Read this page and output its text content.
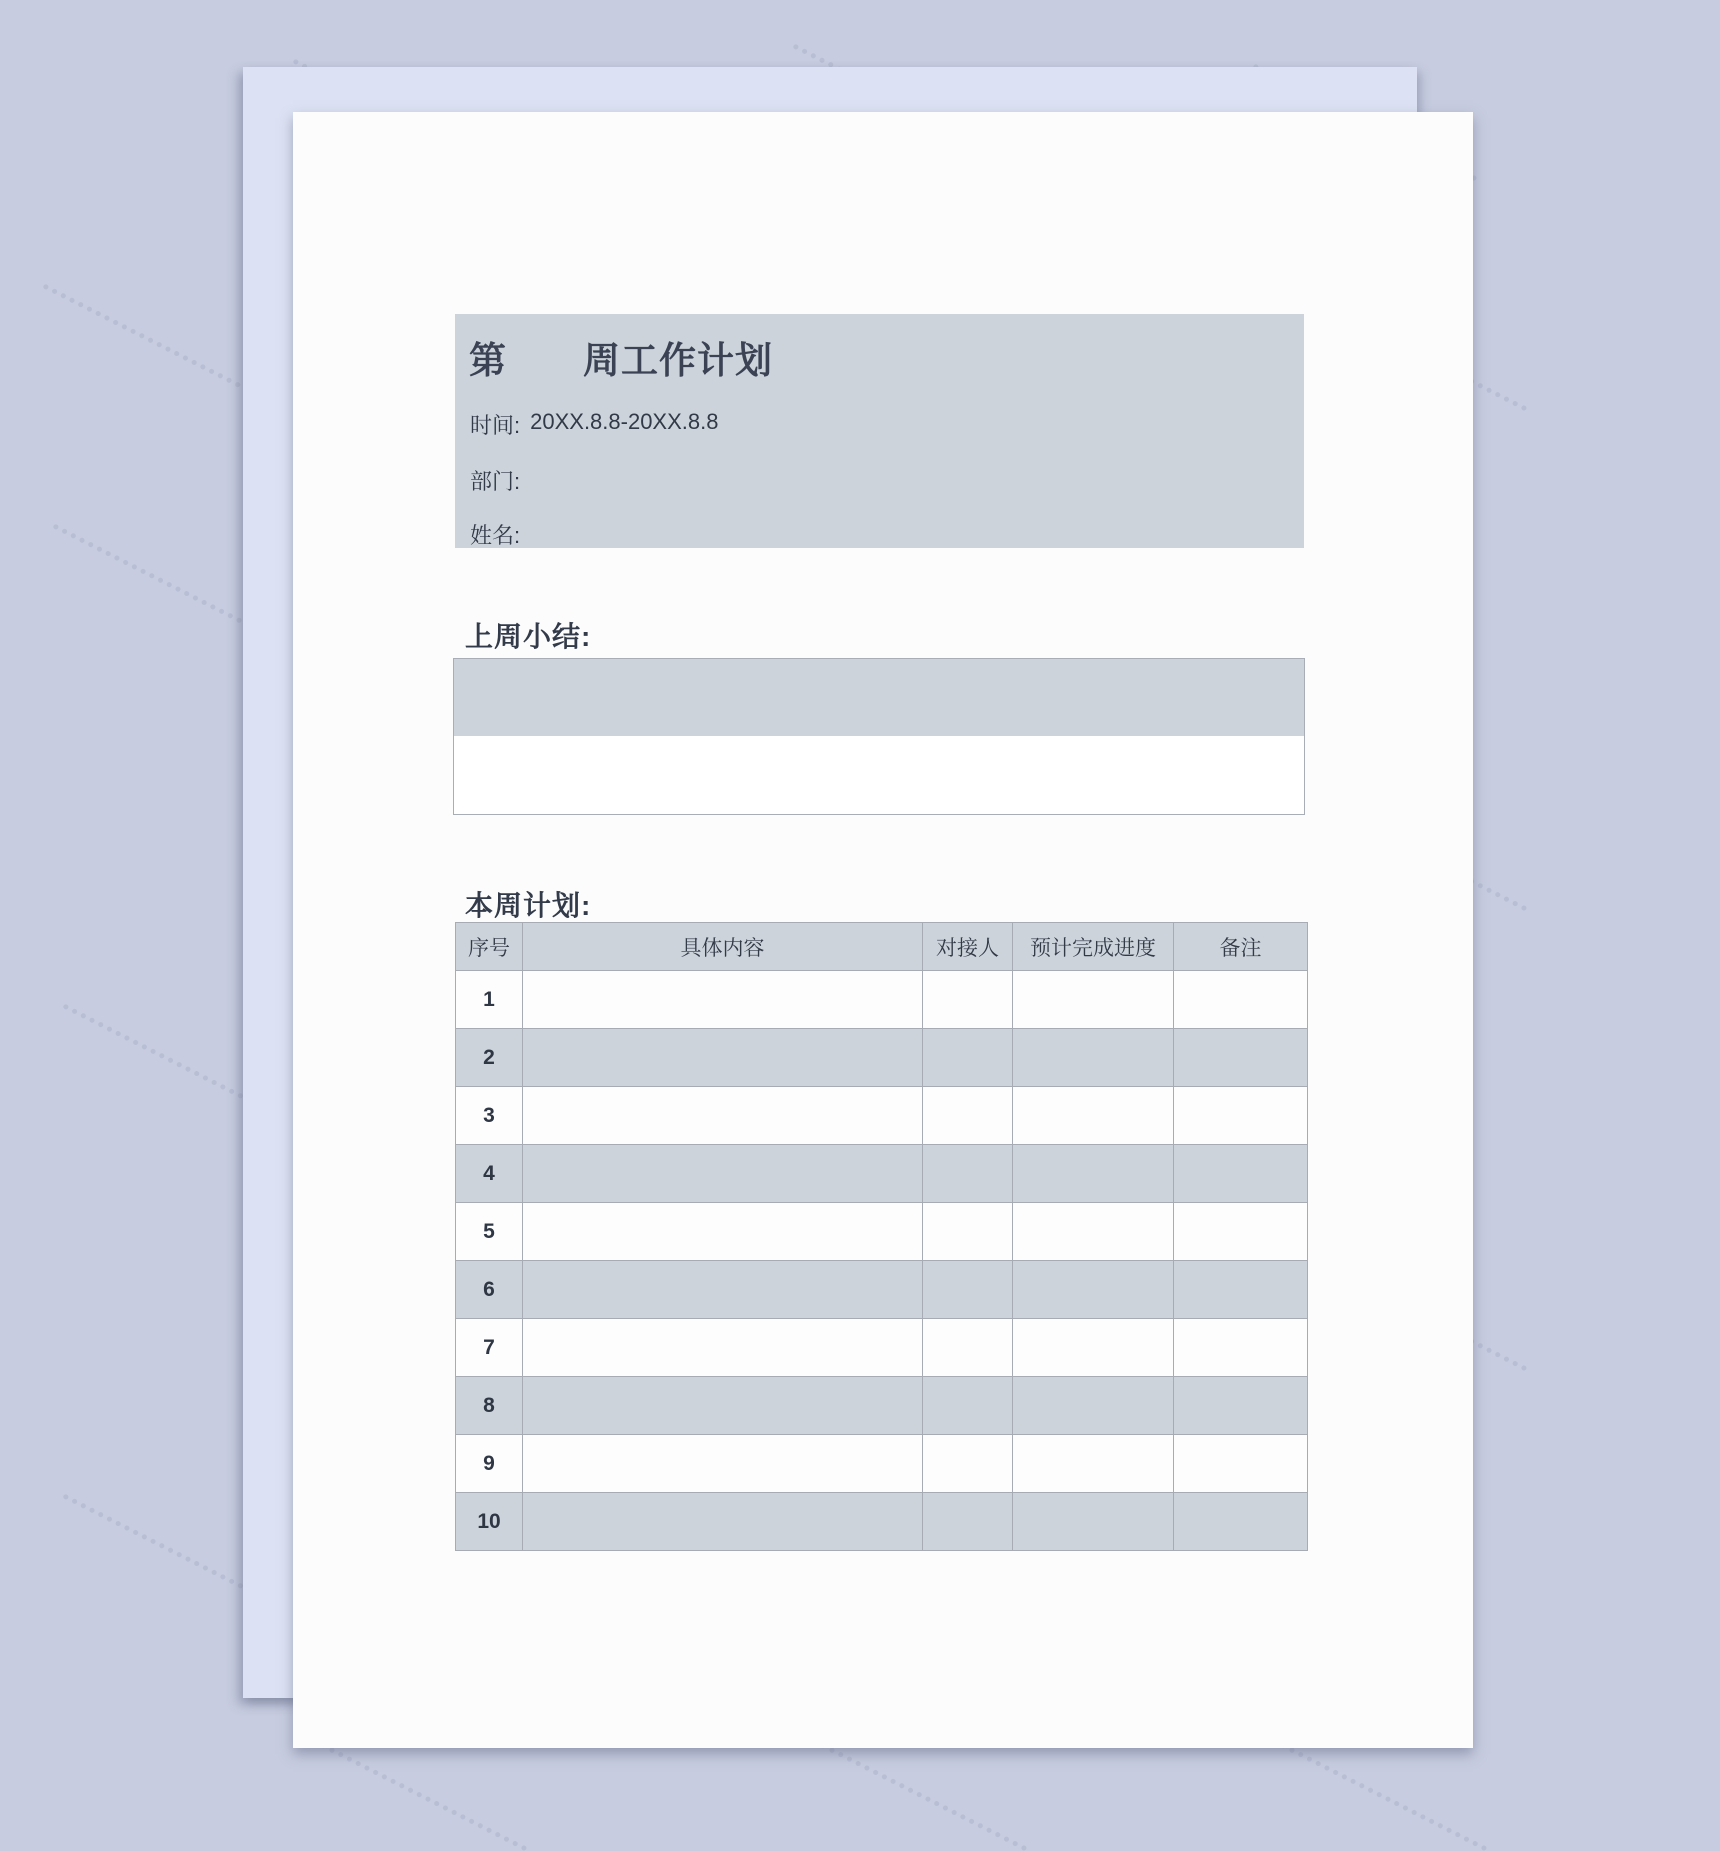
第　　周工作计划
时间: 20XX.8.8-20XX.8.8
部门:
姓名:
上周小结:
本周计划:
序号	具体内容	对接人	预计完成进度	备注
1				
2				
3				
4				
5				
6				
7				
8				
9				
10				
